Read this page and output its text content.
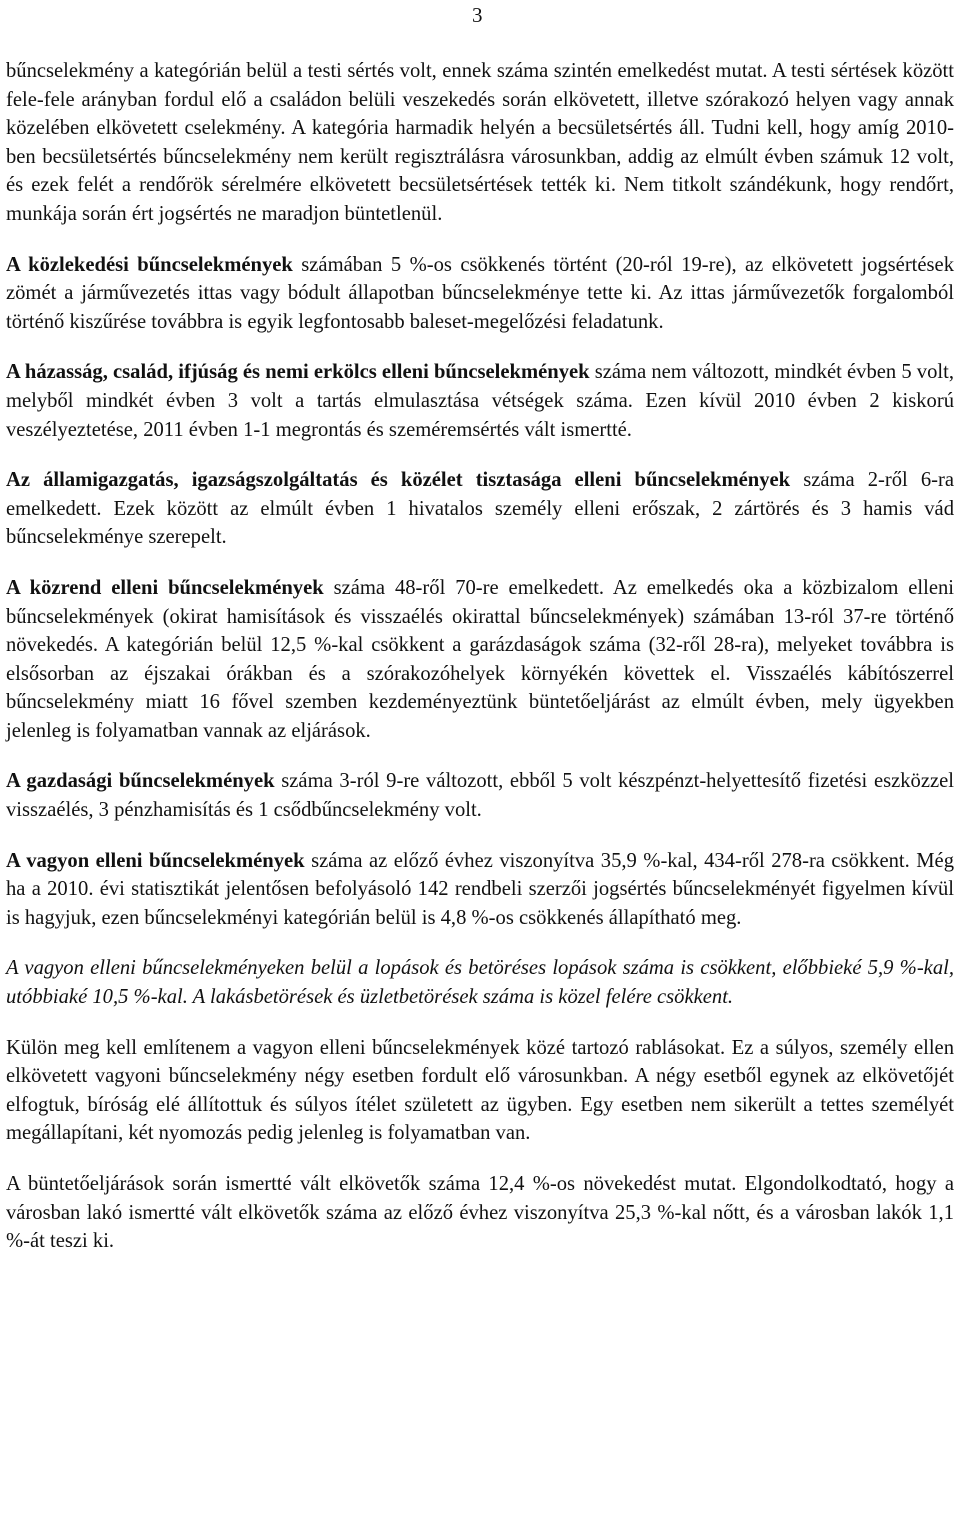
3

bűncselekmény a kategórián belül a testi sértés volt, ennek száma szintén emelkedést mutat. A testi sértések között fele-fele arányban fordul elő a családon belüli veszekedés során elkövetett, illetve szórakozó helyen vagy annak közelében elkövetett cselekmény. A kategória harmadik helyén a becsületsértés áll. Tudni kell, hogy amíg 2010-ben becsületsértés bűncselekmény nem került regisztrálásra városunkban, addig az elmúlt évben számuk 12 volt, és ezek felét a rendőrök sérelmére elkövetett becsületsértések tették ki. Nem titkolt szándékunk, hogy rendőrt, munkája során ért jogsértés ne maradjon büntetlenül.

A közlekedési bűncselekmények számában 5 %-os csökkenés történt (20-ról 19-re), az elkövetett jogsértések zömét a járművezetés ittas vagy bódult állapotban bűncselekménye tette ki. Az ittas járművezetők forgalomból történő kiszűrése továbbra is egyik legfontosabb baleset-megelőzési feladatunk.

A házasság, család, ifjúság és nemi erkölcs elleni bűncselekmények száma nem változott, mindkét évben 5 volt, melyből mindkét évben 3 volt a tartás elmulasztása vétségek száma. Ezen kívül 2010 évben 2 kiskorú veszélyeztetése, 2011 évben 1-1 megrontás és szeméremsértés vált ismertté.

Az államigazgatás, igazságszolgáltatás és közélet tisztasága elleni bűncselekmények száma 2-ről 6-ra emelkedett. Ezek között az elmúlt évben 1 hivatalos személy elleni erőszak, 2 zártörés és 3 hamis vád bűncselekménye szerepelt.

A közrend elleni bűncselekmények száma 48-ről 70-re emelkedett. Az emelkedés oka a közbizalom elleni bűncselekmények (okirat hamisítások és visszaélés okirattal bűncselekmények) számában 13-ról 37-re történő növekedés. A kategórián belül 12,5 %-kal csökkent a garázdaságok száma (32-ről 28-ra), melyeket továbbra is elsősorban az éjszakai órákban és a szórakozóhelyek környékén követtek el. Visszaélés kábítószerrel bűncselekmény miatt 16 fővel szemben kezdeményeztünk büntetőeljárást az elmúlt évben, mely ügyekben jelenleg is folyamatban vannak az eljárások.

A gazdasági bűncselekmények száma 3-ról 9-re változott, ebből 5 volt készpénzt-helyettesítő fizetési eszközzel visszaélés, 3 pénzhamisítás és 1 csődbűncselekmény volt.

A vagyon elleni bűncselekmények száma az előző évhez viszonyítva 35,9 %-kal, 434-ről 278-ra csökkent. Még ha a 2010. évi statisztikát jelentősen befolyásoló 142 rendbeli szerzői jogsértés bűncselekményét figyelmen kívül is hagyjuk, ezen bűncselekményi kategórián belül is 4,8 %-os csökkenés állapítható meg.

A vagyon elleni bűncselekményeken belül a lopások és betöréses lopások száma is csökkent, előbbieké 5,9 %-kal, utóbbiaké 10,5 %-kal. A lakásbetörések és üzletbetörések száma is közel felére csökkent.

Külön meg kell említenem a vagyon elleni bűncselekmények közé tartozó rablásokat. Ez a súlyos, személy ellen elkövetett vagyoni bűncselekmény négy esetben fordult elő városunkban. A négy esetből egynek az elkövetőjét elfogtuk, bíróság elé állítottuk és súlyos ítélet született az ügyben. Egy esetben nem sikerült a tettes személyét megállapítani, két nyomozás pedig jelenleg is folyamatban van.

A büntetőeljárások során ismertté vált elkövetők száma 12,4 %-os növekedést mutat. Elgondolkodtató, hogy a városban lakó ismertté vált elkövetők száma az előző évhez viszonyítva 25,3 %-kal nőtt, és a városban lakók 1,1 %-át teszi ki.
